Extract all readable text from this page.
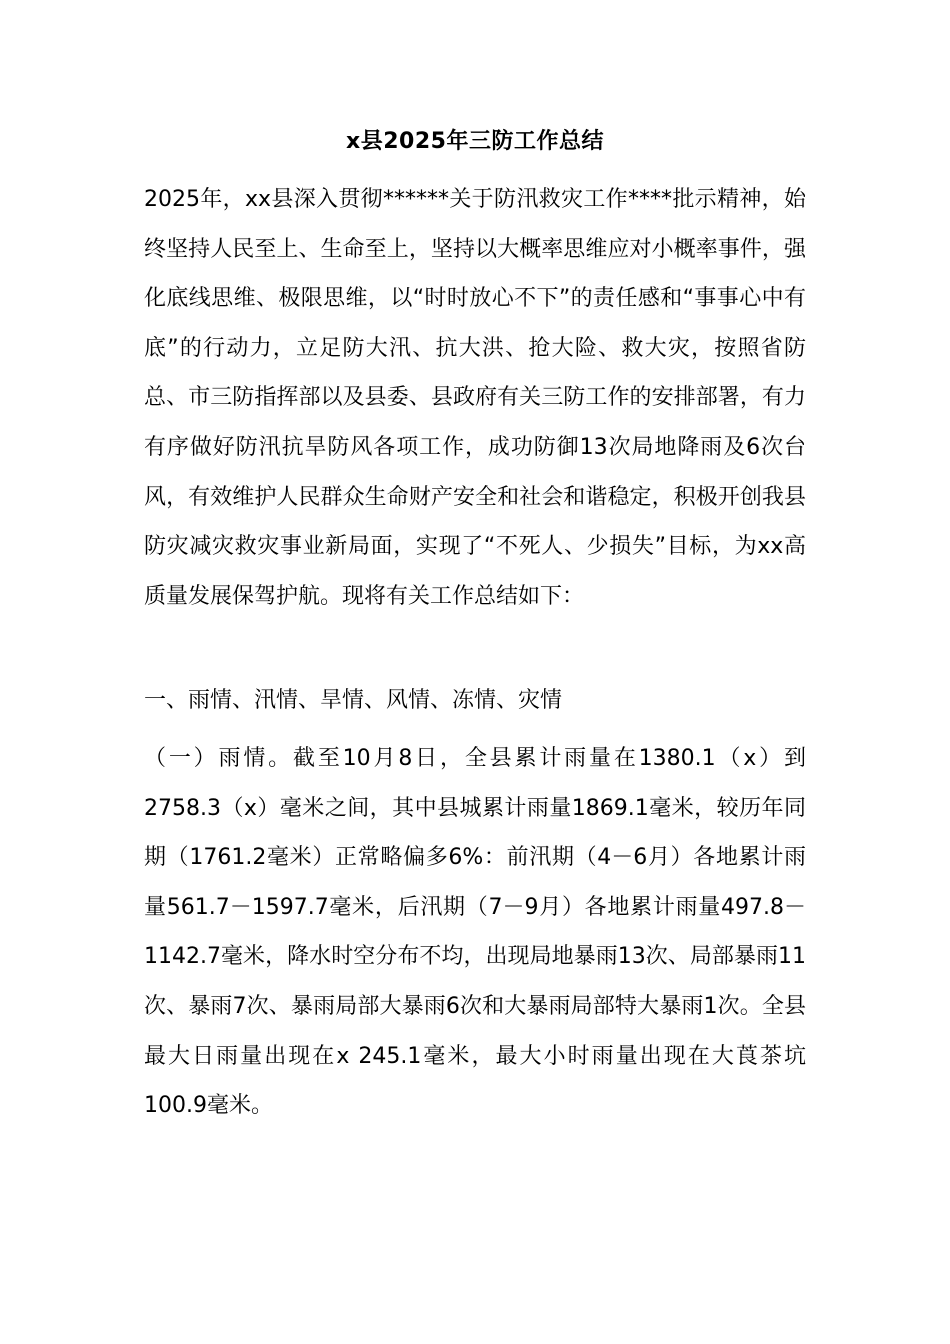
x县2025年三防工作总结

2025年，xx县深入贯彻******关于防汛救灾工作****批示精神，始终坚持人民至上、生命至上，坚持以大概率思维应对小概率事件，强化底线思维、极限思维，以“时时放心不下”的责任感和“事事心中有底”的行动力，立足防大汛、抗大洪、抢大险、救大灾，按照省防总、市三防指挥部以及县委、县政府有关三防工作的安排部署，有力有序做好防汛抗旱防风各项工作，成功防御13次局地降雨及6次台风，有效维护人民群众生命财产安全和社会和谐稳定，积极开创我县防灾减灾救灾事业新局面，实现了“不死人、少损失”目标，为xx高质量发展保驾护航。现将有关工作总结如下：

一、雨情、汛情、旱情、风情、冻情、灾情

（一）雨情。截至10月8日，全县累计雨量在1380.1（x）到2758.3（x）毫米之间，其中县城累计雨量1869.1毫米，较历年同期（1761.2毫米）正常略偏多6%：前汛期（4－6月）各地累计雨量561.7－1597.7毫米，后汛期（7－9月）各地累计雨量497.8－1142.7毫米，降水时空分布不均，出现局地暴雨13次、局部暴雨11次、暴雨7次、暴雨局部大暴雨6次和大暴雨局部特大暴雨1次。全县最大日雨量出现在x 245.1毫米，最大小时雨量出现在大莨茶坑100.9毫米。
